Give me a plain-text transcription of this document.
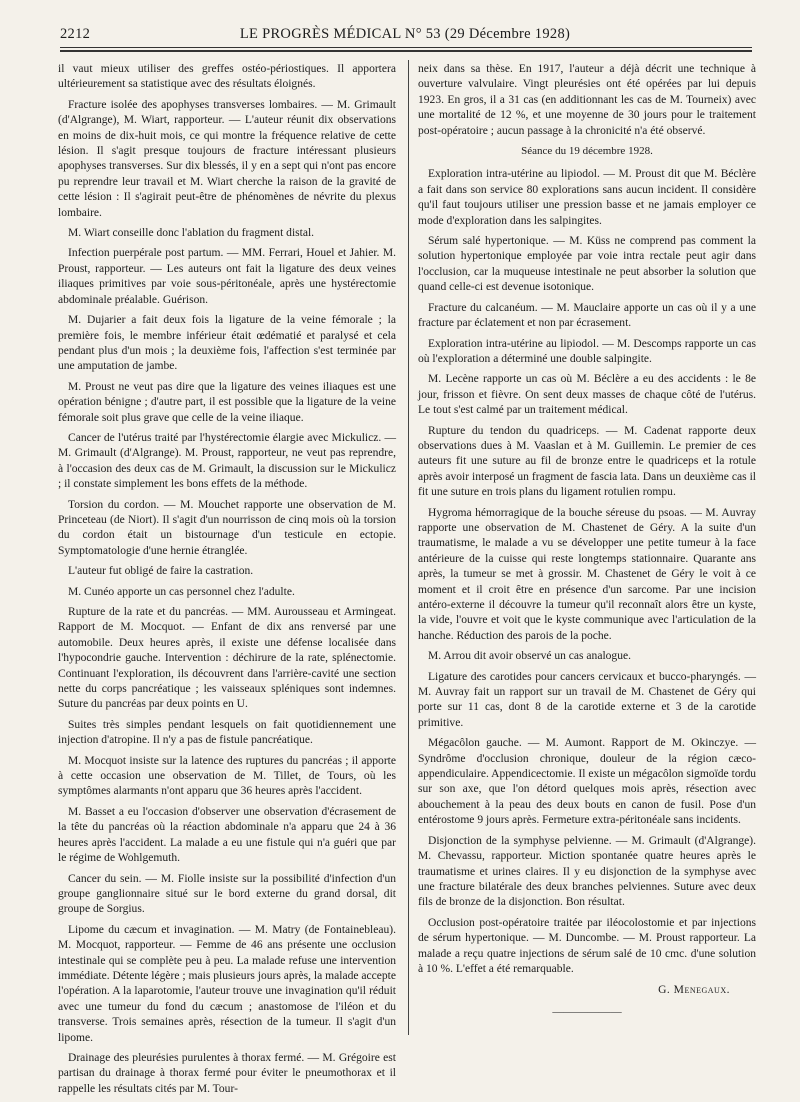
2212	LE PROGRÈS MÉDICAL N° 53 (29 Décembre 1928)

il vaut mieux utiliser des greffes ostéo-périostiques. Il apportera ultérieurement sa statistique avec des résultats éloignés.

Fracture isolée des apophyses transverses lombaires. — M. Grimault (d'Algrange), M. Wiart, rapporteur. — L'auteur réunit dix observations en moins de dix-huit mois, ce qui montre la fréquence relative de cette lésion. Il s'agit presque toujours de fracture intéressant plusieurs apophyses transverses. Sur dix blessés, il y en a sept qui n'ont pas encore pu reprendre leur travail et M. Wiart cherche la raison de la gravité de cette lésion : Il s'agirait peut-être de phénomènes de névrite du plexus lombaire.

M. Wiart conseille donc l'ablation du fragment distal.

Infection puerpérale post partum. — MM. Ferrari, Houel et Jahier. M. Proust, rapporteur. — Les auteurs ont fait la ligature des deux veines iliaques primitives par voie sous-péritonéale, après une hystérectomie abdominale préalable. Guérison.

M. Dujarier a fait deux fois la ligature de la veine fémorale ; la première fois, le membre inférieur était œdématié et paralysé et cela pendant plus d'un mois ; la deuxième fois, l'affection s'est terminée par une amputation de jambe.

M. Proust ne veut pas dire que la ligature des veines iliaques est une opération bénigne ; d'autre part, il est possible que la ligature de la veine fémorale soit plus grave que celle de la veine iliaque.

Cancer de l'utérus traité par l'hystérectomie élargie avec Mickulicz. — M. Grimault (d'Algrange). M. Proust, rapporteur, ne veut pas reprendre, à l'occasion des deux cas de M. Grimault, la discussion sur le Mickulicz ; il constate simplement les bons effets de la méthode.

Torsion du cordon. — M. Mouchet rapporte une observation de M. Princeteau (de Niort). Il s'agit d'un nourrisson de cinq mois où la torsion du cordon était un bistournage d'un testicule en ectopie. Symptomatologie d'une hernie étranglée.

L'auteur fut obligé de faire la castration.

M. Cunéo apporte un cas personnel chez l'adulte.

Rupture de la rate et du pancréas. — MM. Aurousseau et Armingeat. Rapport de M. Mocquot. — Enfant de dix ans renversé par une automobile. Deux heures après, il existe une défense localisée dans l'hypocondrie gauche. Intervention : déchirure de la rate, splénectomie. Continuant l'exploration, ils découvrent dans l'arrière-cavité une section nette du corps pancréatique ; les vaisseaux spléniques sont indemnes. Suture du pancréas par deux points en U.

Suites très simples pendant lesquels on fait quotidiennement une injection d'atropine. Il n'y a pas de fistule pancréatique.

M. Mocquot insiste sur la latence des ruptures du pancréas ; il apporte à cette occasion une observation de M. Tillet, de Tours, où les symptômes alarmants n'ont apparu que 36 heures après l'accident.

M. Basset a eu l'occasion d'observer une observation d'écrasement de la tête du pancréas où la réaction abdominale n'a apparu que 24 à 36 heures après l'accident. La malade a eu une fistule qui n'a guéri que par le régime de Wohlgemuth.

Cancer du sein. — M. Fiolle insiste sur la possibilité d'infection d'un groupe ganglionnaire situé sur le bord externe du grand dorsal, dit groupe de Sorgius.

Lipome du cæcum et invagination. — M. Matry (de Fontainebleau). M. Mocquot, rapporteur. — Femme de 46 ans présente une occlusion intestinale qui se complète peu à peu. La malade refuse une intervention immédiate. Détente légère ; mais plusieurs jours après, la malade accepte l'opération. A la laparotomie, l'auteur trouve une invagination qu'il réduit avec une tumeur du fond du cæcum ; anastomose de l'iléon et du transverse. Trois semaines après, résection de la tumeur. Il s'agit d'un lipome.

Drainage des pleurésies purulentes à thorax fermé. — M. Grégoire est partisan du drainage à thorax fermé pour éviter le pneumothorax et il rappelle les résultats cités par M. Tour-

neix dans sa thèse. En 1917, l'auteur a déjà décrit une technique à ouverture valvulaire. Vingt pleurésies ont été opérées par lui depuis 1923. En gros, il a 31 cas (en additionnant les cas de M. Tourneix) avec une mortalité de 12 %, et une moyenne de 30 jours pour le traitement post-opératoire ; aucun passage à la chronicité n'a été observé.

Séance du 19 décembre 1928.

Exploration intra-utérine au lipiodol. — M. Proust dit que M. Béclère a fait dans son service 80 explorations sans aucun incident. Il considère qu'il faut toujours utiliser une pression basse et ne jamais employer ce mode d'exploration dans les salpingites.

Sérum salé hypertonique. — M. Küss ne comprend pas comment la solution hypertonique employée par voie intra rectale peut agir dans l'occlusion, car la muqueuse intestinale ne peut absorber la solution que quand celle-ci est devenue isotonique.

Fracture du calcanéum. — M. Mauclaire apporte un cas où il y a une fracture par éclatement et non par écrasement.

Exploration intra-utérine au lipiodol. — M. Descomps rapporte un cas où l'exploration a déterminé une double salpingite.

M. Lecène rapporte un cas où M. Béclère a eu des accidents : le 8e jour, frisson et fièvre. On sent deux masses de chaque côté de l'utérus. Le tout s'est calmé par un traitement médical.

Rupture du tendon du quadriceps. — M. Cadenat rapporte deux observations dues à M. Vaaslan et à M. Guillemin. Le premier de ces auteurs fit une suture au fil de bronze entre le quadriceps et la rotule après avoir interposé un fragment de fascia lata. Dans un deuxième cas il fit une suture en trois plans du ligament rotulien rompu.

Hygroma hémorragique de la bouche séreuse du psoas. — M. Auvray rapporte une observation de M. Chastenet de Géry. A la suite d'un traumatisme, le malade a vu se développer une petite tumeur à la face antérieure de la cuisse qui reste longtemps stationnaire. Quarante ans après, la tumeur se met à grossir. M. Chastenet de Géry le voit à ce moment et il croit être en présence d'un sarcome. Par une incision antéro-externe il découvre la tumeur qu'il reconnaît alors être un kyste, la vide, l'ouvre et voit que le kyste communique avec l'articulation de la hanche. Réduction des parois de la poche.

M. Arrou dit avoir observé un cas analogue.

Ligature des carotides pour cancers cervicaux et bucco-pharyngés. — M. Auvray fait un rapport sur un travail de M. Chastenet de Géry qui porte sur 11 cas, dont 8 de la carotide externe et 3 de la carotide primitive.

Mégacôlon gauche. — M. Aumont. Rapport de M. Okinczye. — Syndrôme d'occlusion chronique, douleur de la région cæco-appendiculaire. Appendicectomie. Il existe un mégacôlon sigmoïde tordu sur son axe, que l'on détord quelques mois après, résection avec abouchement à la peau des deux bouts en canon de fusil. Pose d'un entérostome 9 jours après. Fermeture extra-péritonéale sans incidents.

Disjonction de la symphyse pelvienne. — M. Grimault (d'Algrange). M. Chevassu, rapporteur. Miction spontanée quatre heures après le traumatisme et urines claires. Il y eu disjonction de la symphyse avec une fracture bilatérale des deux branches pelviennes. Suture avec deux fils de bronze de la disjonction. Bon résultat.

Occlusion post-opératoire traitée par iléocolostomie et par injections de sérum hypertonique. — M. Duncombe. — M. Proust rapporteur. La malade a reçu quatre injections de sérum salé de 10 cmc. d'une solution à 10 %. L'effet a été remarquable.

G. Menegaux.
——————
